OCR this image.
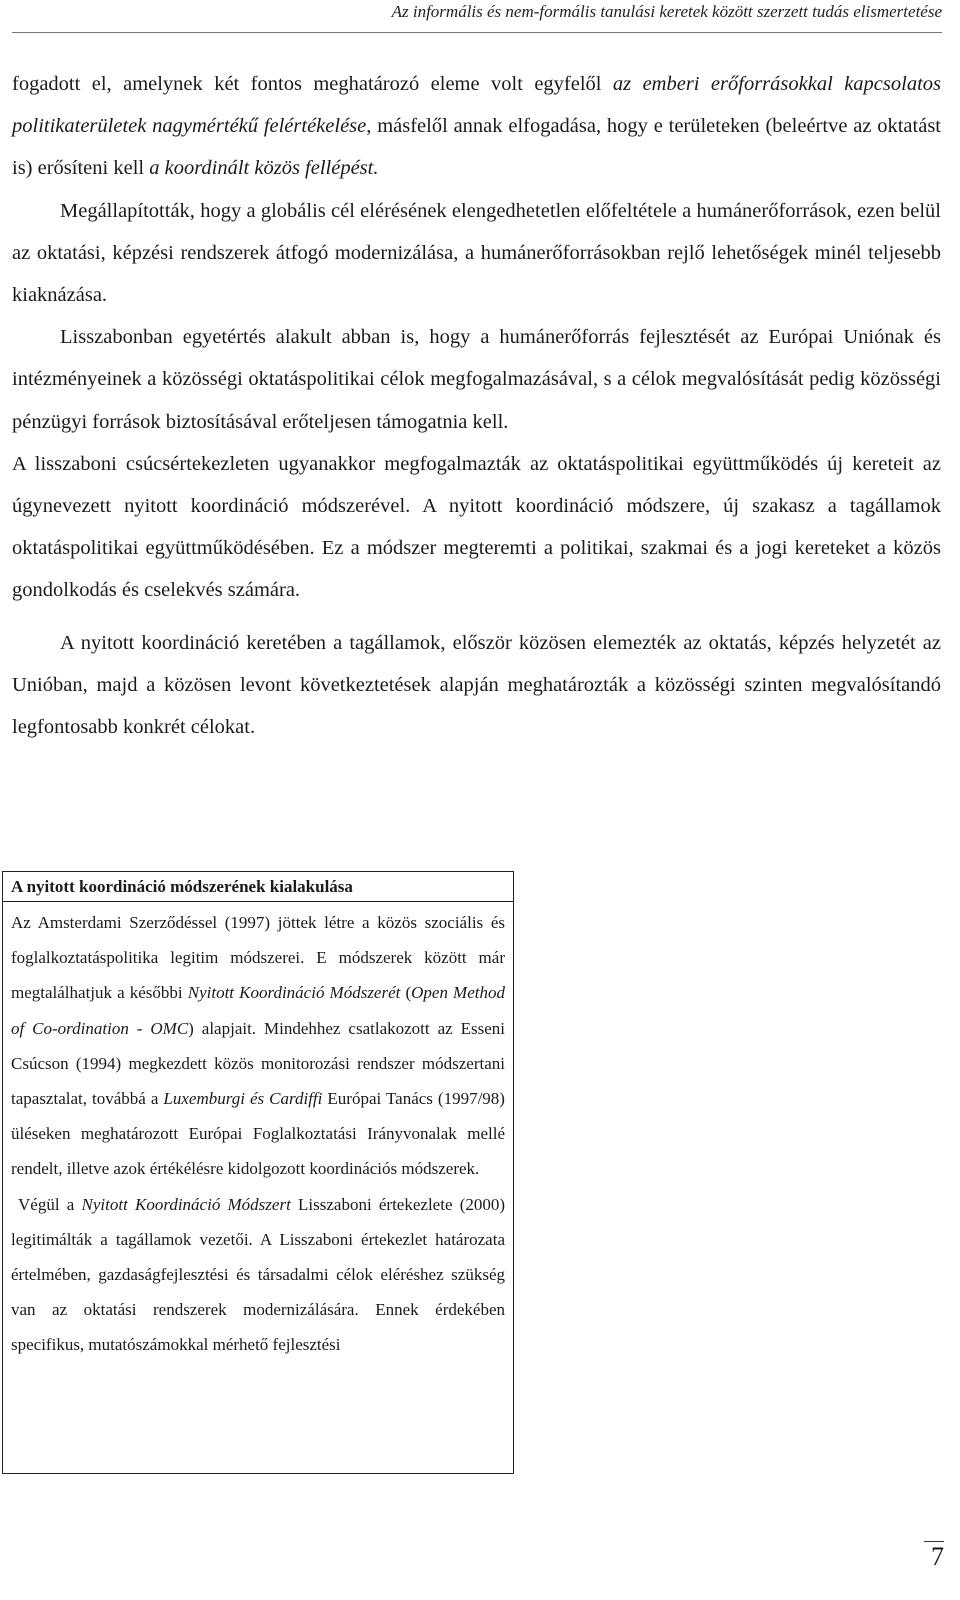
Az informális és nem-formális tanulási keretek között szerzett tudás elismertetése

fogadott el, amelynek két fontos meghatározó eleme volt egyfelől az emberi erőforrásokkal kapcsolatos politikaterületek nagymértékű felértékelése, másfelől annak elfogadása, hogy e területeken (beleértve az oktatást is) erősíteni kell a koordinált közös fellépést.

Megállapították, hogy a globális cél elérésének elengedhetetlen előfeltétele a humánerőforrások, ezen belül az oktatási, képzési rendszerek átfogó modernizálása, a humánerőforrásokban rejlő lehetőségek minél teljesebb kiaknázása.

Lisszabonban egyetértés alakult abban is, hogy a humánerőforrás fejlesztését az Európai Uniónak és intézményeinek a közösségi oktatáspolitikai célok megfogalmazásával, s a célok megvalósítását pedig közösségi pénzügyi források biztosításával erőteljesen támogatnia kell.

A lisszaboni csúcsértekezleten ugyanakkor megfogalmazták az oktatáspolitikai együttműködés új kereteit az úgynevezett nyitott koordináció módszerével. A nyitott koordináció módszere, új szakasz a tagállamok oktatáspolitikai együttműködésében. Ez a módszer megteremti a politikai, szakmai és a jogi kereteket a közös gondolkodás és cselekvés számára.

A nyitott koordináció keretében a tagállamok, először közösen elemezték az oktatás, képzés helyzetét az Unióban, majd a közösen levont következtetések alapján meghatározták a közösségi szinten megvalósítandó legfontosabb konkrét célokat.

A nyitott koordináció módszerének kialakulása

Az Amsterdami Szerződéssel (1997) jöttek létre a közös szociális és foglalkoztatáspolitika legitim módszerei. E módszerek között már megtalálhatjuk a későbbi Nyitott Koordináció Módszerét (Open Method of Co-ordination - OMC) alapjait. Mindehhez csatlakozott az Esseni Csúcson (1994) megkezdett közös monitorozási rendszer módszertani tapasztalat, továbbá a Luxemburgi és Cardiffi Európai Tanács (1997/98) üléseken meghatározott Európai Foglalkoztatási Irányvonalak mellé rendelt, illetve azok értékélésre kidolgozott koordinációs módszerek.

Végül a Nyitott Koordináció Módszert Lisszaboni értekezlete (2000) legitimálták a tagállamok vezetői. A Lisszaboni értekezlet határozata értelmében, gazdaságfejlesztési és társadalmi célok eléréshez szükség van az oktatási rendszerek modernizálására. Ennek érdekében specifikus, mutatószámokkal mérhető fejlesztési

7
